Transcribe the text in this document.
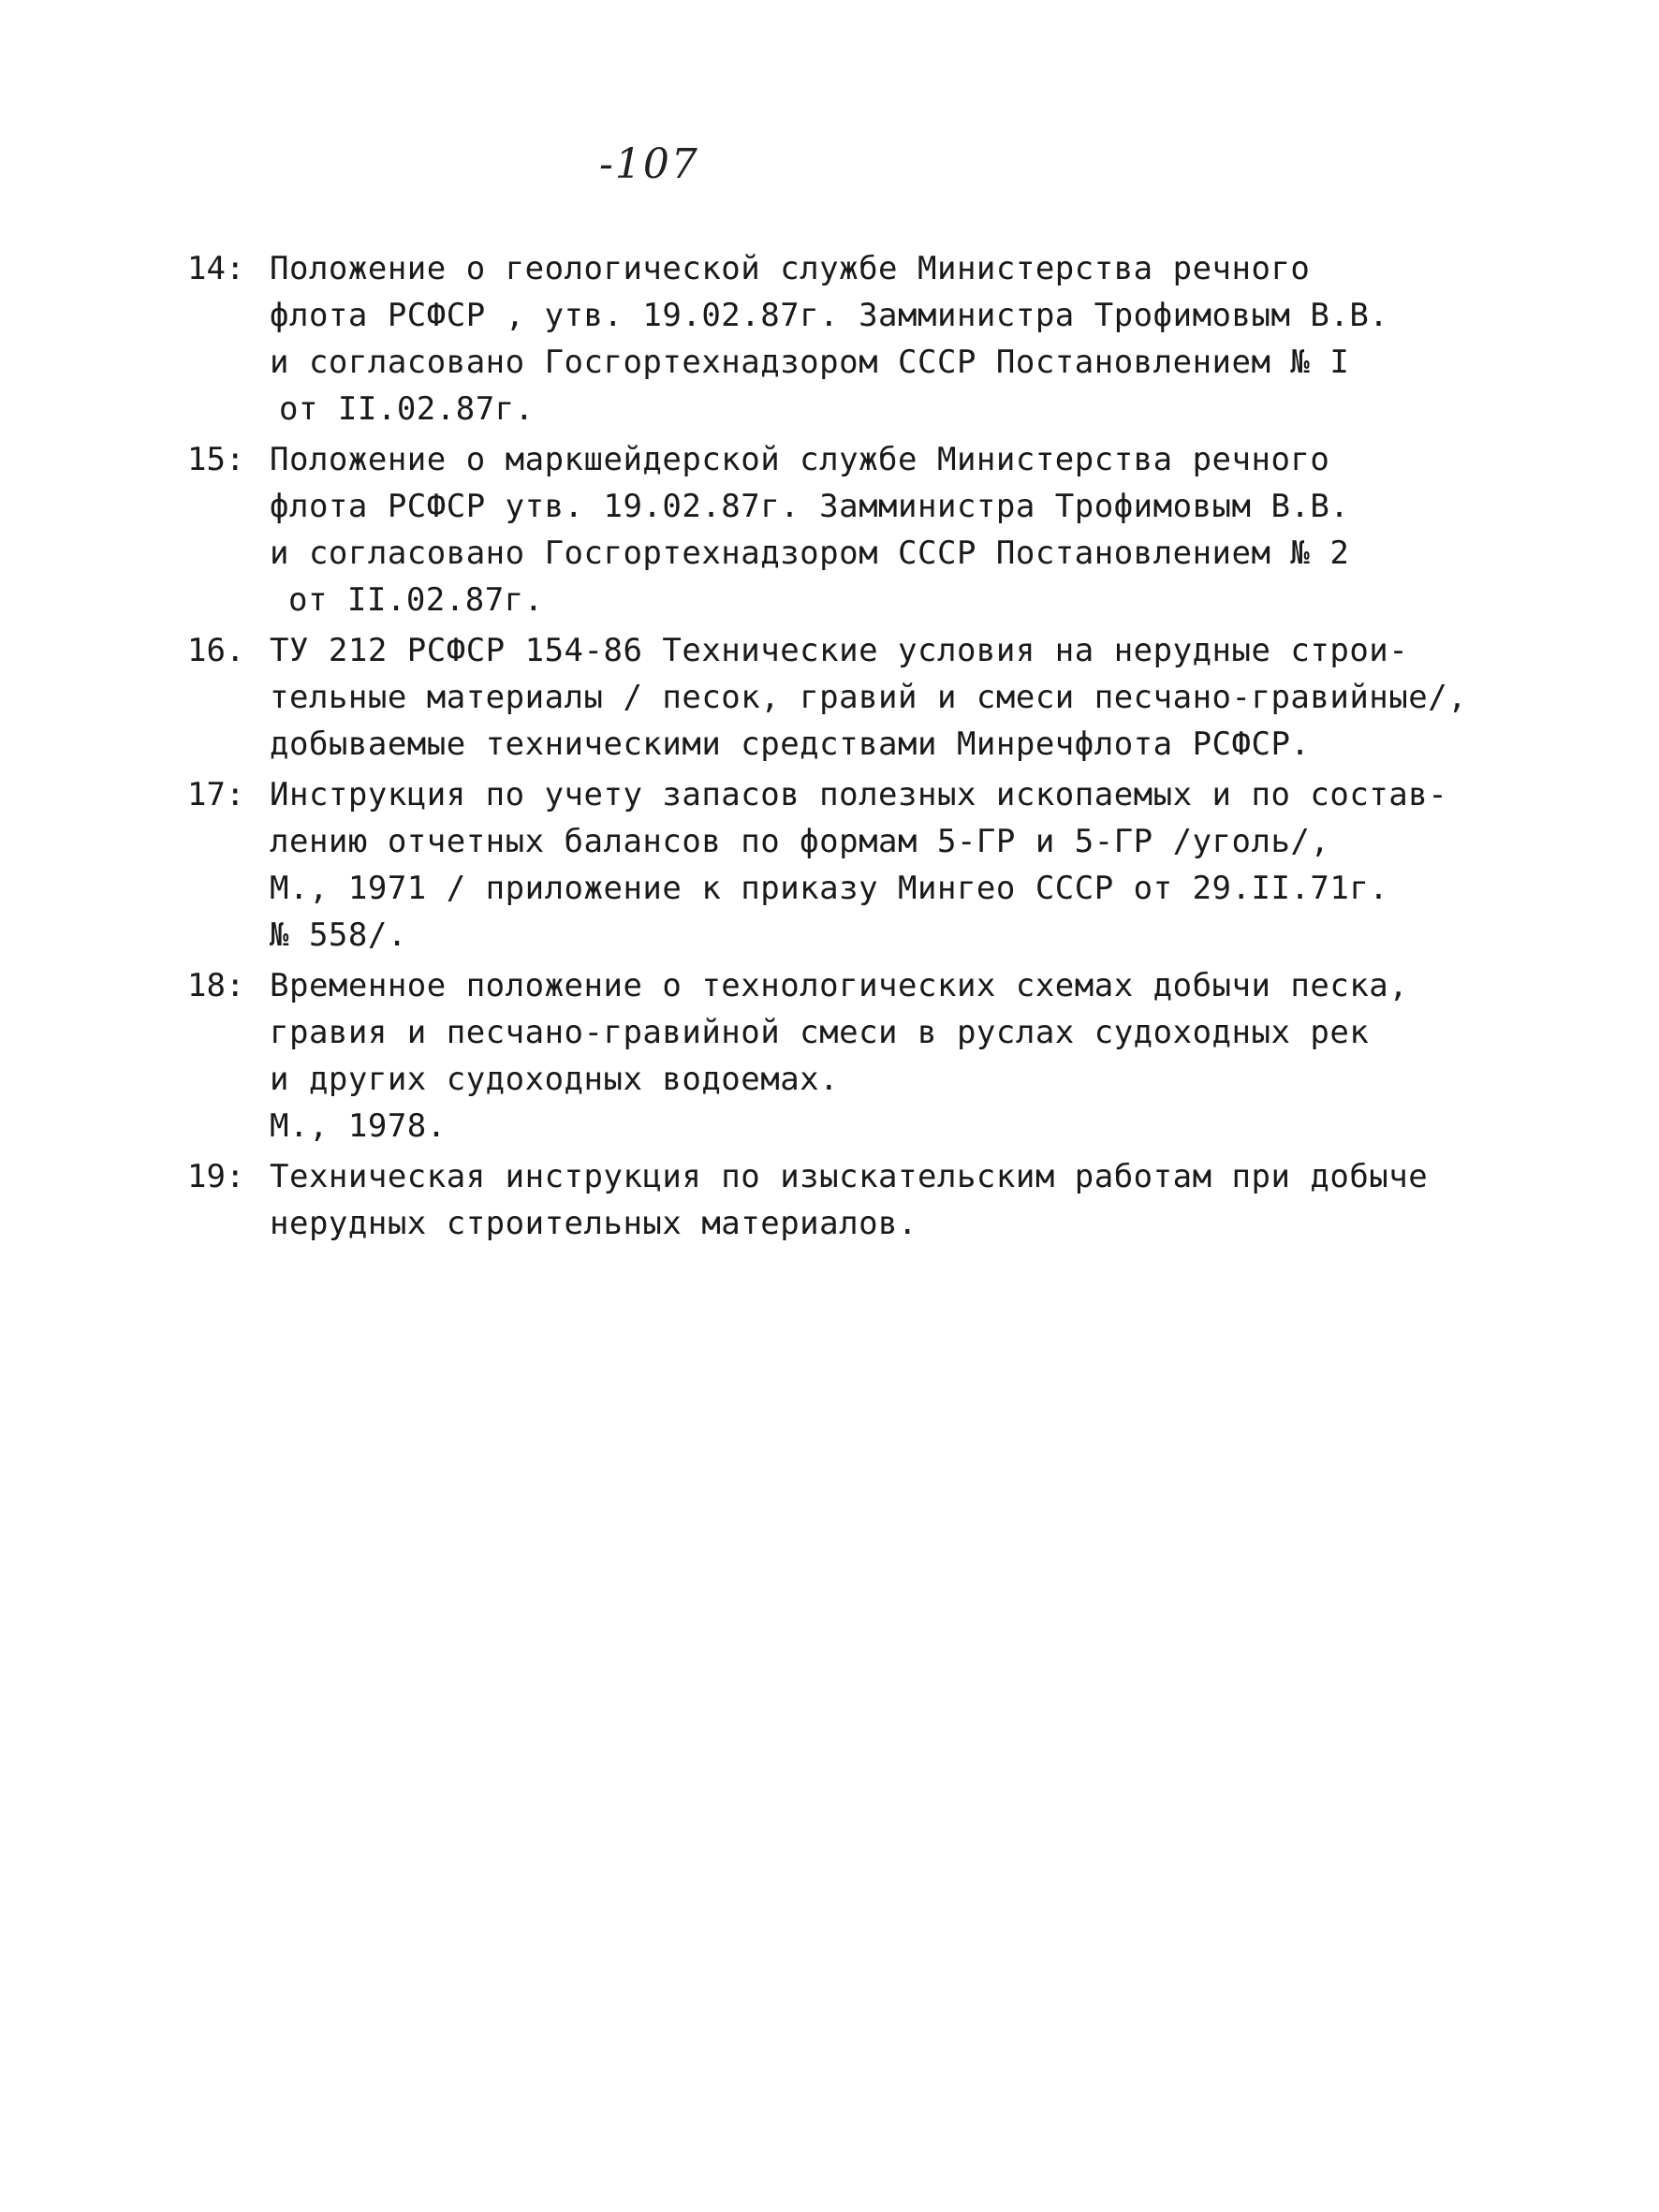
-107
14: Положение о геологической службе Министерства речного
флота РСФСР , утв. 19.02.87г. Замминистра Трофимовым В.В.
и согласовано Госгортехнадзором СССР Постановлением № I
от II.02.87г.
15: Положение о маркшейдерской службе Министерства речного
флота РСФСР утв. 19.02.87г. Замминистра Трофимовым В.В.
и согласовано Госгортехнадзором СССР Постановлением № 2
от II.02.87г.
16. ТУ 212 РСФСР 154-86 Технические условия на нерудные строи-
тельные материалы / песок, гравий и смеси песчано-гравийные/,
добываемые техническими средствами Минречфлота РСФСР.
17: Инструкция по учету запасов полезных ископаемых и по состав-
лению отчетных балансов по формам 5-ГР и 5-ГР /уголь/,
М., 1971 / приложение к приказу Мингео СССР от 29.II.71г.
№ 558/.
18: Временное положение о технологических схемах добычи песка,
гравия и песчано-гравийной смеси в руслах судоходных рек
и других судоходных водоемах.
М., 1978.
19: Техническая инструкция по изыскательским работам при добыче
нерудных строительных материалов.
